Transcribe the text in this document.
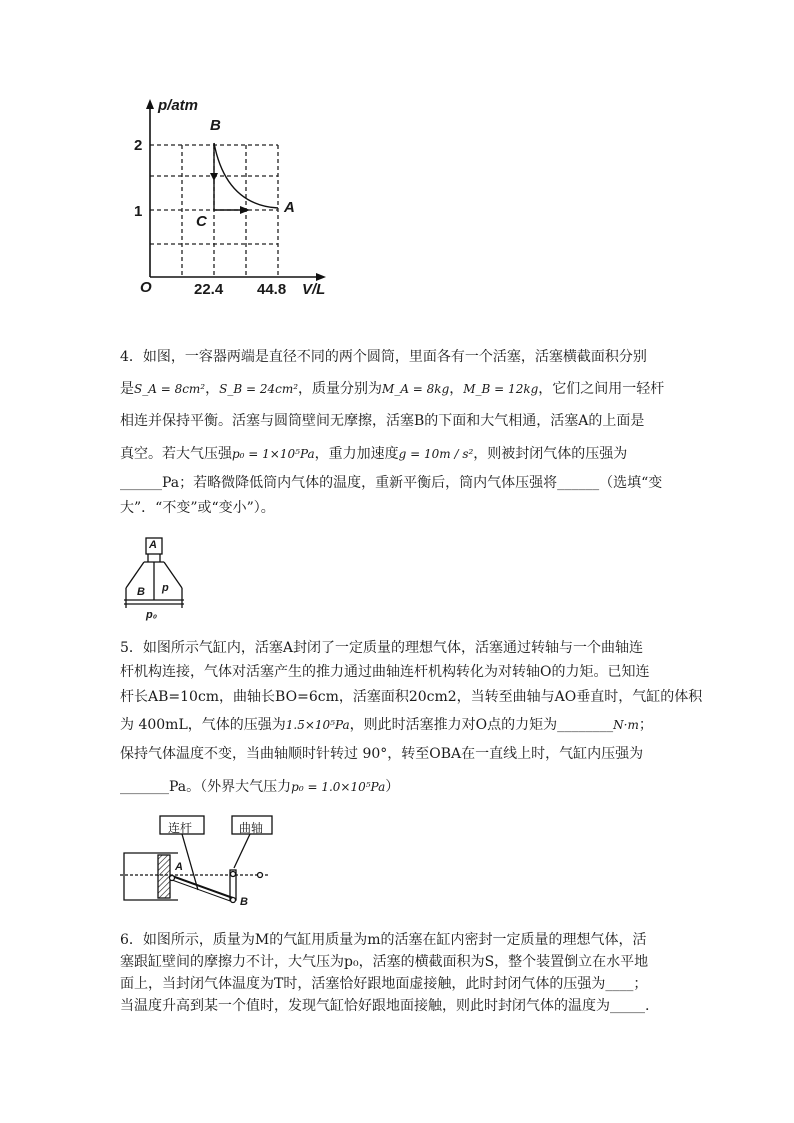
p/atm
V/L
O
2
1
22.4 44.8
B
A
C
4．如图，一容器两端是直径不同的两个圆筒，里面各有一个活塞，活塞横截面积分别
是S_A = 8cm²，S_B = 24cm²，质量分别为M_A = 8kg，M_B = 12kg，它们之间用一轻杆
相连并保持平衡。活塞与圆筒壁间无摩擦，活塞B的下面和大气相通，活塞A的上面是
真空。若大气压强p₀ = 1×10⁵Pa，重力加速度g = 10m / s²，则被封闭气体的压强为
______Pa；若略微降低筒内气体的温度，重新平衡后，筒内气体压强将______（选填“变
大”．“不变”或“变小”）。
A
B p
p₀
5．如图所示气缸内，活塞A封闭了一定质量的理想气体，活塞通过转轴与一个曲轴连
杆机构连接，气体对活塞产生的推力通过曲轴连杆机构转化为对转轴O的力矩。已知连
杆长AB=10cm，曲轴长BO=6cm，活塞面积20cm2，当转至曲轴与AO垂直时，气缸的体积
为 400mL，气体的压强为1.5×10⁵Pa，则此时活塞推力对O点的力矩为________N·m；
保持气体温度不变，当曲轴顺时针转过 90°，转至OBA在一直线上时，气缸内压强为
_______Pa。（外界大气压力p₀ = 1.0×10⁵Pa）
连杆	曲轴
A
B
6．如图所示，质量为M的气缸用质量为m的活塞在缸内密封一定质量的理想气体，活
塞跟缸壁间的摩擦力不计，大气压为p₀，活塞的横截面积为S，整个装置倒立在水平地
面上，当封闭气体温度为T时，活塞恰好跟地面虚接触，此时封闭气体的压强为____；
当温度升高到某一个值时，发现气缸恰好跟地面接触，则此时封闭气体的温度为_____.
